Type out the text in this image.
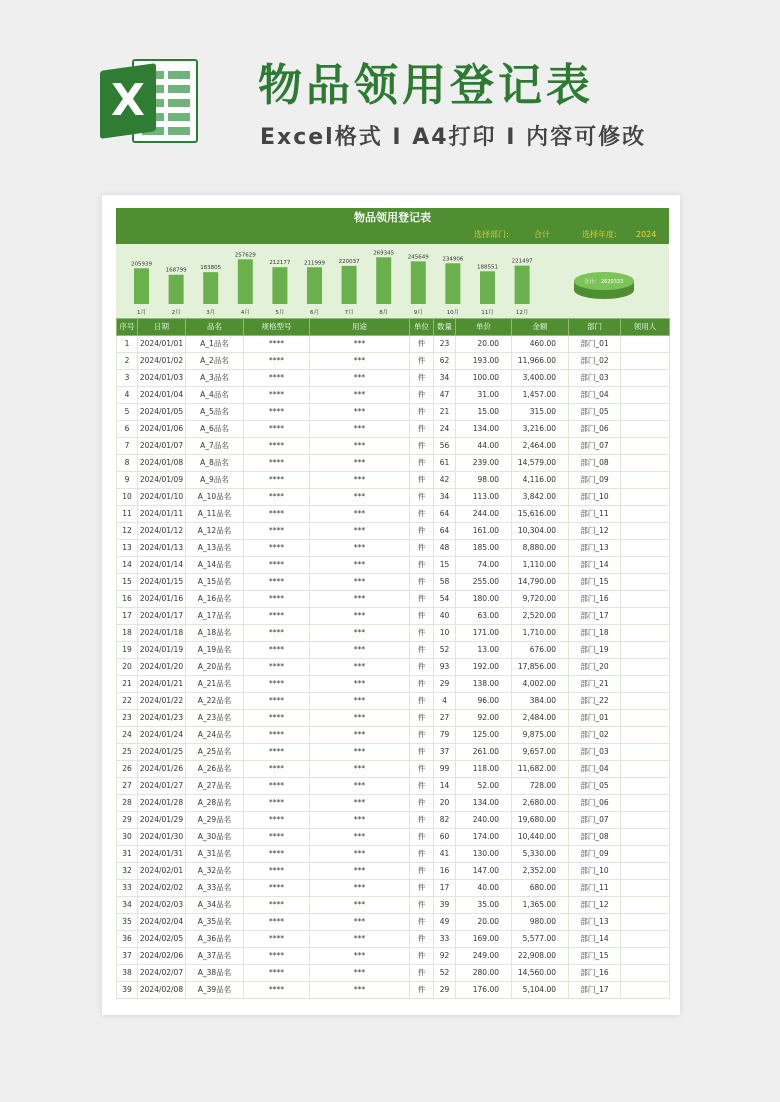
X	物品领用登记表
Excel格式 I A4打印 I 内容可修改
物品领用登记表
选择部门:	合计	选择年度: 2024
205939
1月
168799
2月
183805
3月
257629
4月
212177
5月
211999
6月
220037
7月
269345
8月
245649
9月
234906
10月
188551
11月
221497
12月
合计: 2620333
序号	日期	品名	规格型号	用途	单位	数量	单价	金额	部门	领用人
1	2024/01/01	A_1品名	****	***	件	23	20.00	460.00	部门_01	
2	2024/01/02	A_2品名	****	***	件	62	193.00	11,966.00	部门_02	
3	2024/01/03	A_3品名	****	***	件	34	100.00	3,400.00	部门_03	
4	2024/01/04	A_4品名	****	***	件	47	31.00	1,457.00	部门_04	
5	2024/01/05	A_5品名	****	***	件	21	15.00	315.00	部门_05	
6	2024/01/06	A_6品名	****	***	件	24	134.00	3,216.00	部门_06	
7	2024/01/07	A_7品名	****	***	件	56	44.00	2,464.00	部门_07	
8	2024/01/08	A_8品名	****	***	件	61	239.00	14,579.00	部门_08	
9	2024/01/09	A_9品名	****	***	件	42	98.00	4,116.00	部门_09	
10	2024/01/10	A_10品名	****	***	件	34	113.00	3,842.00	部门_10	
11	2024/01/11	A_11品名	****	***	件	64	244.00	15,616.00	部门_11	
12	2024/01/12	A_12品名	****	***	件	64	161.00	10,304.00	部门_12	
13	2024/01/13	A_13品名	****	***	件	48	185.00	8,880.00	部门_13	
14	2024/01/14	A_14品名	****	***	件	15	74.00	1,110.00	部门_14	
15	2024/01/15	A_15品名	****	***	件	58	255.00	14,790.00	部门_15	
16	2024/01/16	A_16品名	****	***	件	54	180.00	9,720.00	部门_16	
17	2024/01/17	A_17品名	****	***	件	40	63.00	2,520.00	部门_17	
18	2024/01/18	A_18品名	****	***	件	10	171.00	1,710.00	部门_18	
19	2024/01/19	A_19品名	****	***	件	52	13.00	676.00	部门_19	
20	2024/01/20	A_20品名	****	***	件	93	192.00	17,856.00	部门_20	
21	2024/01/21	A_21品名	****	***	件	29	138.00	4,002.00	部门_21	
22	2024/01/22	A_22品名	****	***	件	4	96.00	384.00	部门_22	
23	2024/01/23	A_23品名	****	***	件	27	92.00	2,484.00	部门_01	
24	2024/01/24	A_24品名	****	***	件	79	125.00	9,875.00	部门_02	
25	2024/01/25	A_25品名	****	***	件	37	261.00	9,657.00	部门_03	
26	2024/01/26	A_26品名	****	***	件	99	118.00	11,682.00	部门_04	
27	2024/01/27	A_27品名	****	***	件	14	52.00	728.00	部门_05	
28	2024/01/28	A_28品名	****	***	件	20	134.00	2,680.00	部门_06	
29	2024/01/29	A_29品名	****	***	件	82	240.00	19,680.00	部门_07	
30	2024/01/30	A_30品名	****	***	件	60	174.00	10,440.00	部门_08	
31	2024/01/31	A_31品名	****	***	件	41	130.00	5,330.00	部门_09	
32	2024/02/01	A_32品名	****	***	件	16	147.00	2,352.00	部门_10	
33	2024/02/02	A_33品名	****	***	件	17	40.00	680.00	部门_11	
34	2024/02/03	A_34品名	****	***	件	39	35.00	1,365.00	部门_12	
35	2024/02/04	A_35品名	****	***	件	49	20.00	980.00	部门_13	
36	2024/02/05	A_36品名	****	***	件	33	169.00	5,577.00	部门_14	
37	2024/02/06	A_37品名	****	***	件	92	249.00	22,908.00	部门_15	
38	2024/02/07	A_38品名	****	***	件	52	280.00	14,560.00	部门_16	
39	2024/02/08	A_39品名	****	***	件	29	176.00	5,104.00	部门_17	
